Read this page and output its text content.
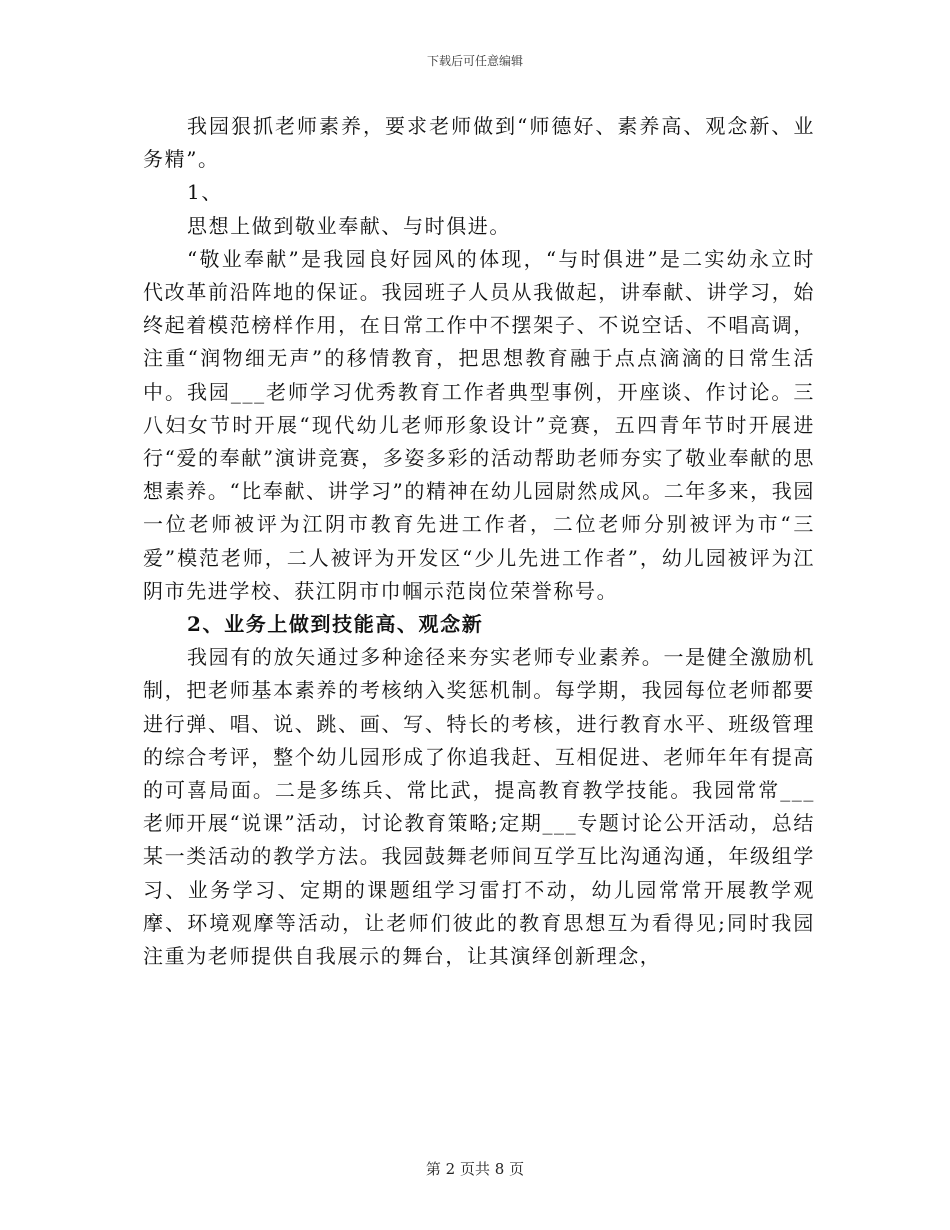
下载后可任意编辑

我园狠抓老师素养，要求老师做到“师德好、素养高、观念新、业务精”。

1、

思想上做到敬业奉献、与时俱进。

“敬业奉献”是我园良好园风的体现，“与时俱进”是二实幼永立时代改革前沿阵地的保证。我园班子人员从我做起，讲奉献、讲学习，始终起着模范榜样作用，在日常工作中不摆架子、不说空话、不唱高调，注重“润物细无声”的移情教育，把思想教育融于点点滴滴的日常生活中。我园___老师学习优秀教育工作者典型事例，开座谈、作讨论。三八妇女节时开展“现代幼儿老师形象设计”竞赛，五四青年节时开展进行“爱的奉献”演讲竞赛，多姿多彩的活动帮助老师夯实了敬业奉献的思想素养。“比奉献、讲学习”的精神在幼儿园尉然成风。二年多来，我园一位老师被评为江阴市教育先进工作者，二位老师分别被评为市“三爱”模范老师，二人被评为开发区“少儿先进工作者”，幼儿园被评为江阴市先进学校、获江阴市巾帼示范岗位荣誉称号。

2、业务上做到技能高、观念新

我园有的放矢通过多种途径来夯实老师专业素养。一是健全激励机制，把老师基本素养的考核纳入奖惩机制。每学期，我园每位老师都要进行弹、唱、说、跳、画、写、特长的考核，进行教育水平、班级管理的综合考评，整个幼儿园形成了你追我赶、互相促进、老师年年有提高的可喜局面。二是多练兵、常比武，提高教育教学技能。我园常常___老师开展“说课”活动，讨论教育策略;定期___专题讨论公开活动，总结某一类活动的教学方法。我园鼓舞老师间互学互比沟通沟通，年级组学习、业务学习、定期的课题组学习雷打不动，幼儿园常常开展教学观摩、环境观摩等活动，让老师们彼此的教育思想互为看得见;同时我园注重为老师提供自我展示的舞台，让其演绎创新理念，

第 2 页共 8 页
